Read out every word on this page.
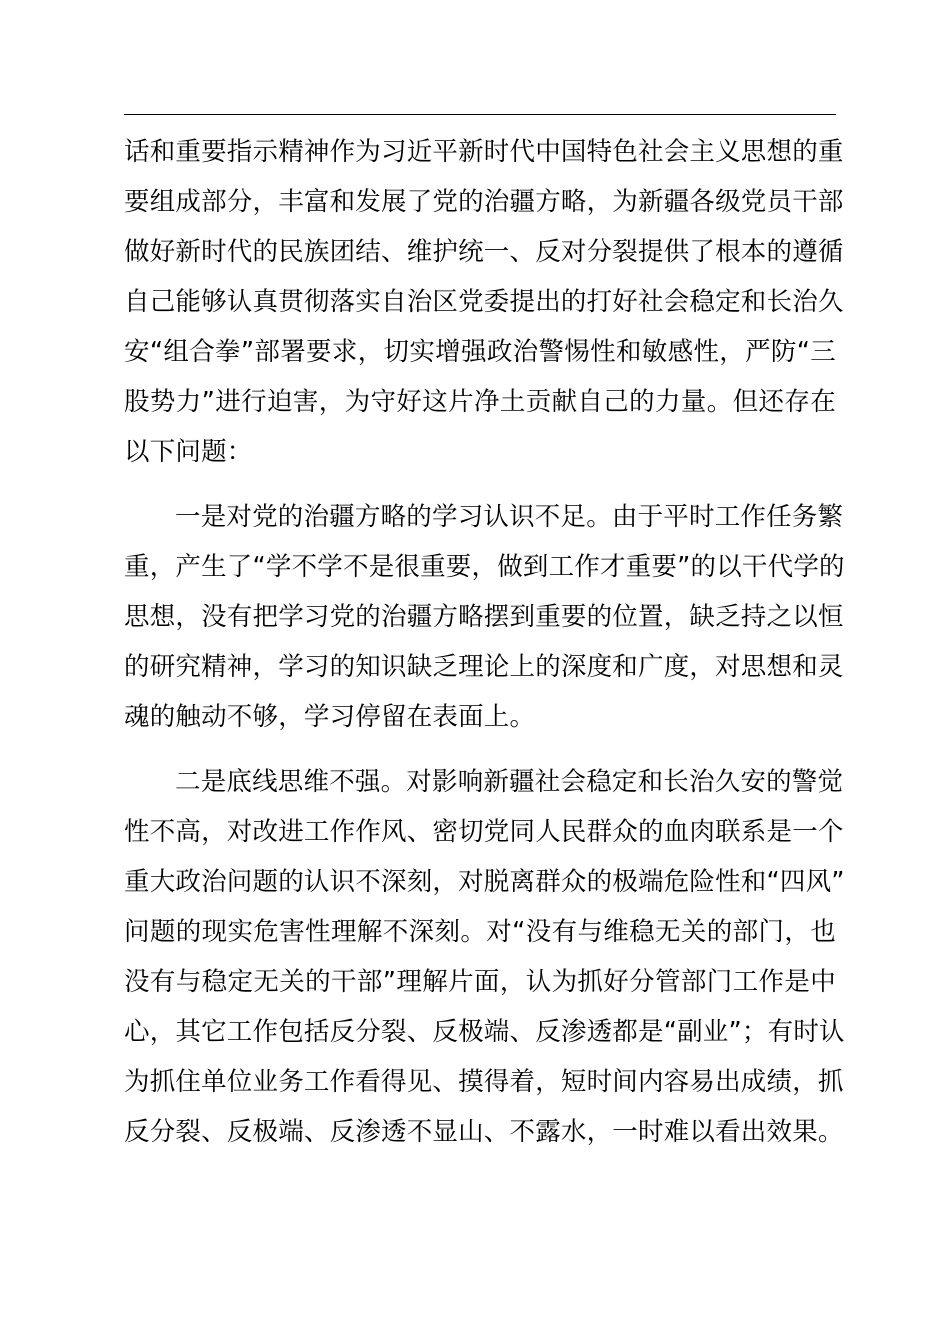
话和重要指示精神作为习近平新时代中国特色社会主义思想的重
要组成部分，丰富和发展了党的治疆方略，为新疆各级党员干部
做好新时代的民族团结、维护统一、反对分裂提供了根本的遵循
自己能够认真贯彻落实自治区党委提出的打好社会稳定和长治久
安“组合拳”部署要求，切实增强政治警惕性和敏感性，严防“三
股势力”进行迫害，为守好这片净土贡献自己的力量。但还存在
以下问题：
一是对党的治疆方略的学习认识不足。由于平时工作任务繁
重，产生了“学不学不是很重要，做到工作才重要”的以干代学的
思想，没有把学习党的治疆方略摆到重要的位置，缺乏持之以恒
的研究精神，学习的知识缺乏理论上的深度和广度，对思想和灵
魂的触动不够，学习停留在表面上。
二是底线思维不强。对影响新疆社会稳定和长治久安的警觉
性不高，对改进工作作风、密切党同人民群众的血肉联系是一个
重大政治问题的认识不深刻，对脱离群众的极端危险性和“四风”
问题的现实危害性理解不深刻。对“没有与维稳无关的部门，也
没有与稳定无关的干部”理解片面，认为抓好分管部门工作是中
心，其它工作包括反分裂、反极端、反渗透都是“副业”；有时认
为抓住单位业务工作看得见、摸得着，短时间内容易出成绩，抓
反分裂、反极端、反渗透不显山、不露水，一时难以看出效果。
